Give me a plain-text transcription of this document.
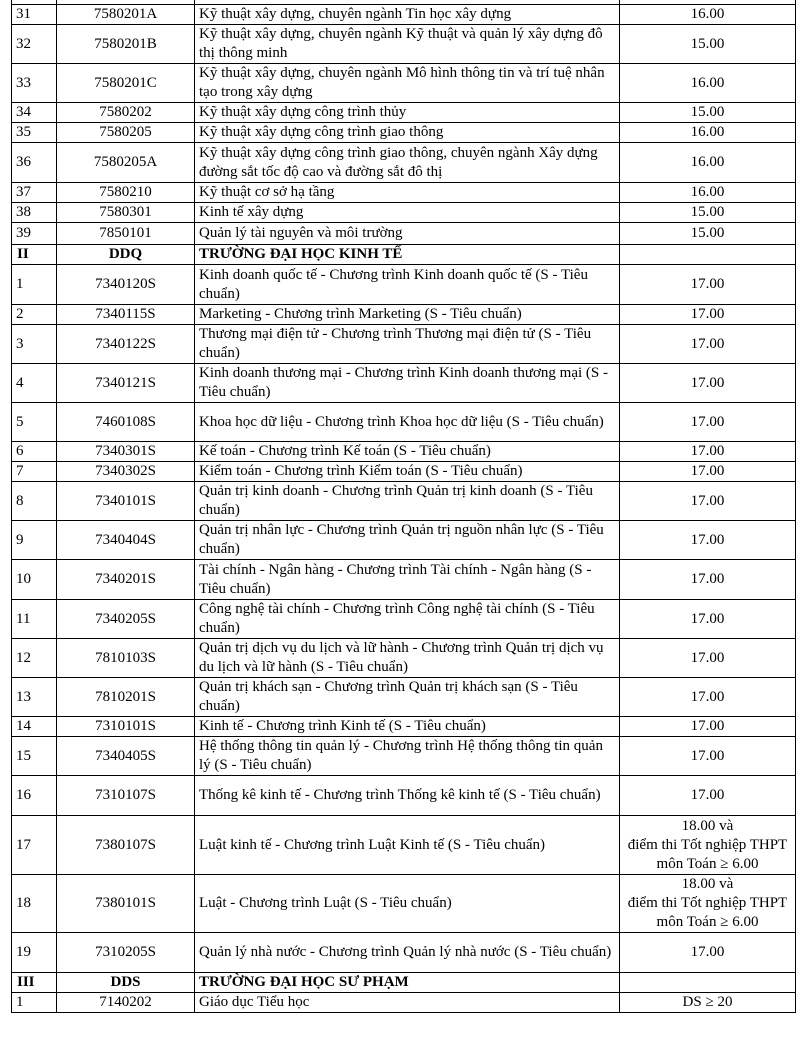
31	7580201A	Kỹ thuật xây dựng, chuyên ngành Tin học xây dựng	16.00
32	7580201B	Kỹ thuật xây dựng, chuyên ngành Kỹ thuật và quản lý xây dựng đô thị thông minh	15.00
33	7580201C	Kỹ thuật xây dựng, chuyên ngành Mô hình thông tin và trí tuệ nhân tạo trong xây dựng	16.00
34	7580202	Kỹ thuật xây dựng công trình thủy	15.00
35	7580205	Kỹ thuật xây dựng công trình giao thông	16.00
36	7580205A	Kỹ thuật xây dựng công trình giao thông, chuyên ngành Xây dựng đường sắt tốc độ cao và đường sắt đô thị	16.00
37	7580210	Kỹ thuật cơ sở hạ tầng	16.00
38	7580301	Kinh tế xây dựng	15.00
39	7850101	Quản lý tài nguyên và môi trường	15.00
II	DDQ	TRƯỜNG ĐẠI HỌC KINH TẾ	
1	7340120S	Kinh doanh quốc tế - Chương trình Kinh doanh quốc tế (S - Tiêu chuẩn)	17.00
2	7340115S	Marketing - Chương trình Marketing (S - Tiêu chuẩn)	17.00
3	7340122S	Thương mại điện tử - Chương trình Thương mại điện tử (S - Tiêu chuẩn)	17.00
4	7340121S	Kinh doanh thương mại - Chương trình Kinh doanh thương mại (S - Tiêu chuẩn)	17.00
5	7460108S	Khoa học dữ liệu - Chương trình Khoa học dữ liệu (S - Tiêu chuẩn)	17.00
6	7340301S	Kế toán - Chương trình Kế toán (S - Tiêu chuẩn)	17.00
7	7340302S	Kiểm toán - Chương trình Kiểm toán (S - Tiêu chuẩn)	17.00
8	7340101S	Quản trị kinh doanh - Chương trình Quản trị kinh doanh (S - Tiêu chuẩn)	17.00
9	7340404S	Quản trị nhân lực - Chương trình Quản trị nguồn nhân lực (S - Tiêu chuẩn)	17.00
10	7340201S	Tài chính - Ngân hàng - Chương trình Tài chính - Ngân hàng (S - Tiêu chuẩn)	17.00
11	7340205S	Công nghệ tài chính - Chương trình Công nghệ tài chính (S - Tiêu chuẩn)	17.00
12	7810103S	Quản trị dịch vụ du lịch và lữ hành - Chương trình Quản trị dịch vụ du lịch và lữ hành (S - Tiêu chuẩn)	17.00
13	7810201S	Quản trị khách sạn - Chương trình Quản trị khách sạn (S - Tiêu chuẩn)	17.00
14	7310101S	Kinh tế - Chương trình Kinh tế (S - Tiêu chuẩn)	17.00
15	7340405S	Hệ thống thông tin quản lý - Chương trình Hệ thống thông tin quản lý (S - Tiêu chuẩn)	17.00
16	7310107S	Thống kê kinh tế - Chương trình Thống kê kinh tế (S - Tiêu chuẩn)	17.00
17	7380107S	Luật kinh tế - Chương trình Luật Kinh tế (S - Tiêu chuẩn)	18.00 và
điểm thi Tốt nghiệp THPT
môn Toán ≥ 6.00

18	7380101S	Luật - Chương trình Luật (S - Tiêu chuẩn)	18.00 và
điểm thi Tốt nghiệp THPT
môn Toán ≥ 6.00

19	7310205S	Quản lý nhà nước - Chương trình Quản lý nhà nước (S - Tiêu chuẩn)	17.00
III	DDS	TRƯỜNG ĐẠI HỌC SƯ PHẠM	
1	7140202	Giáo dục Tiểu học	DS ≥ 20
